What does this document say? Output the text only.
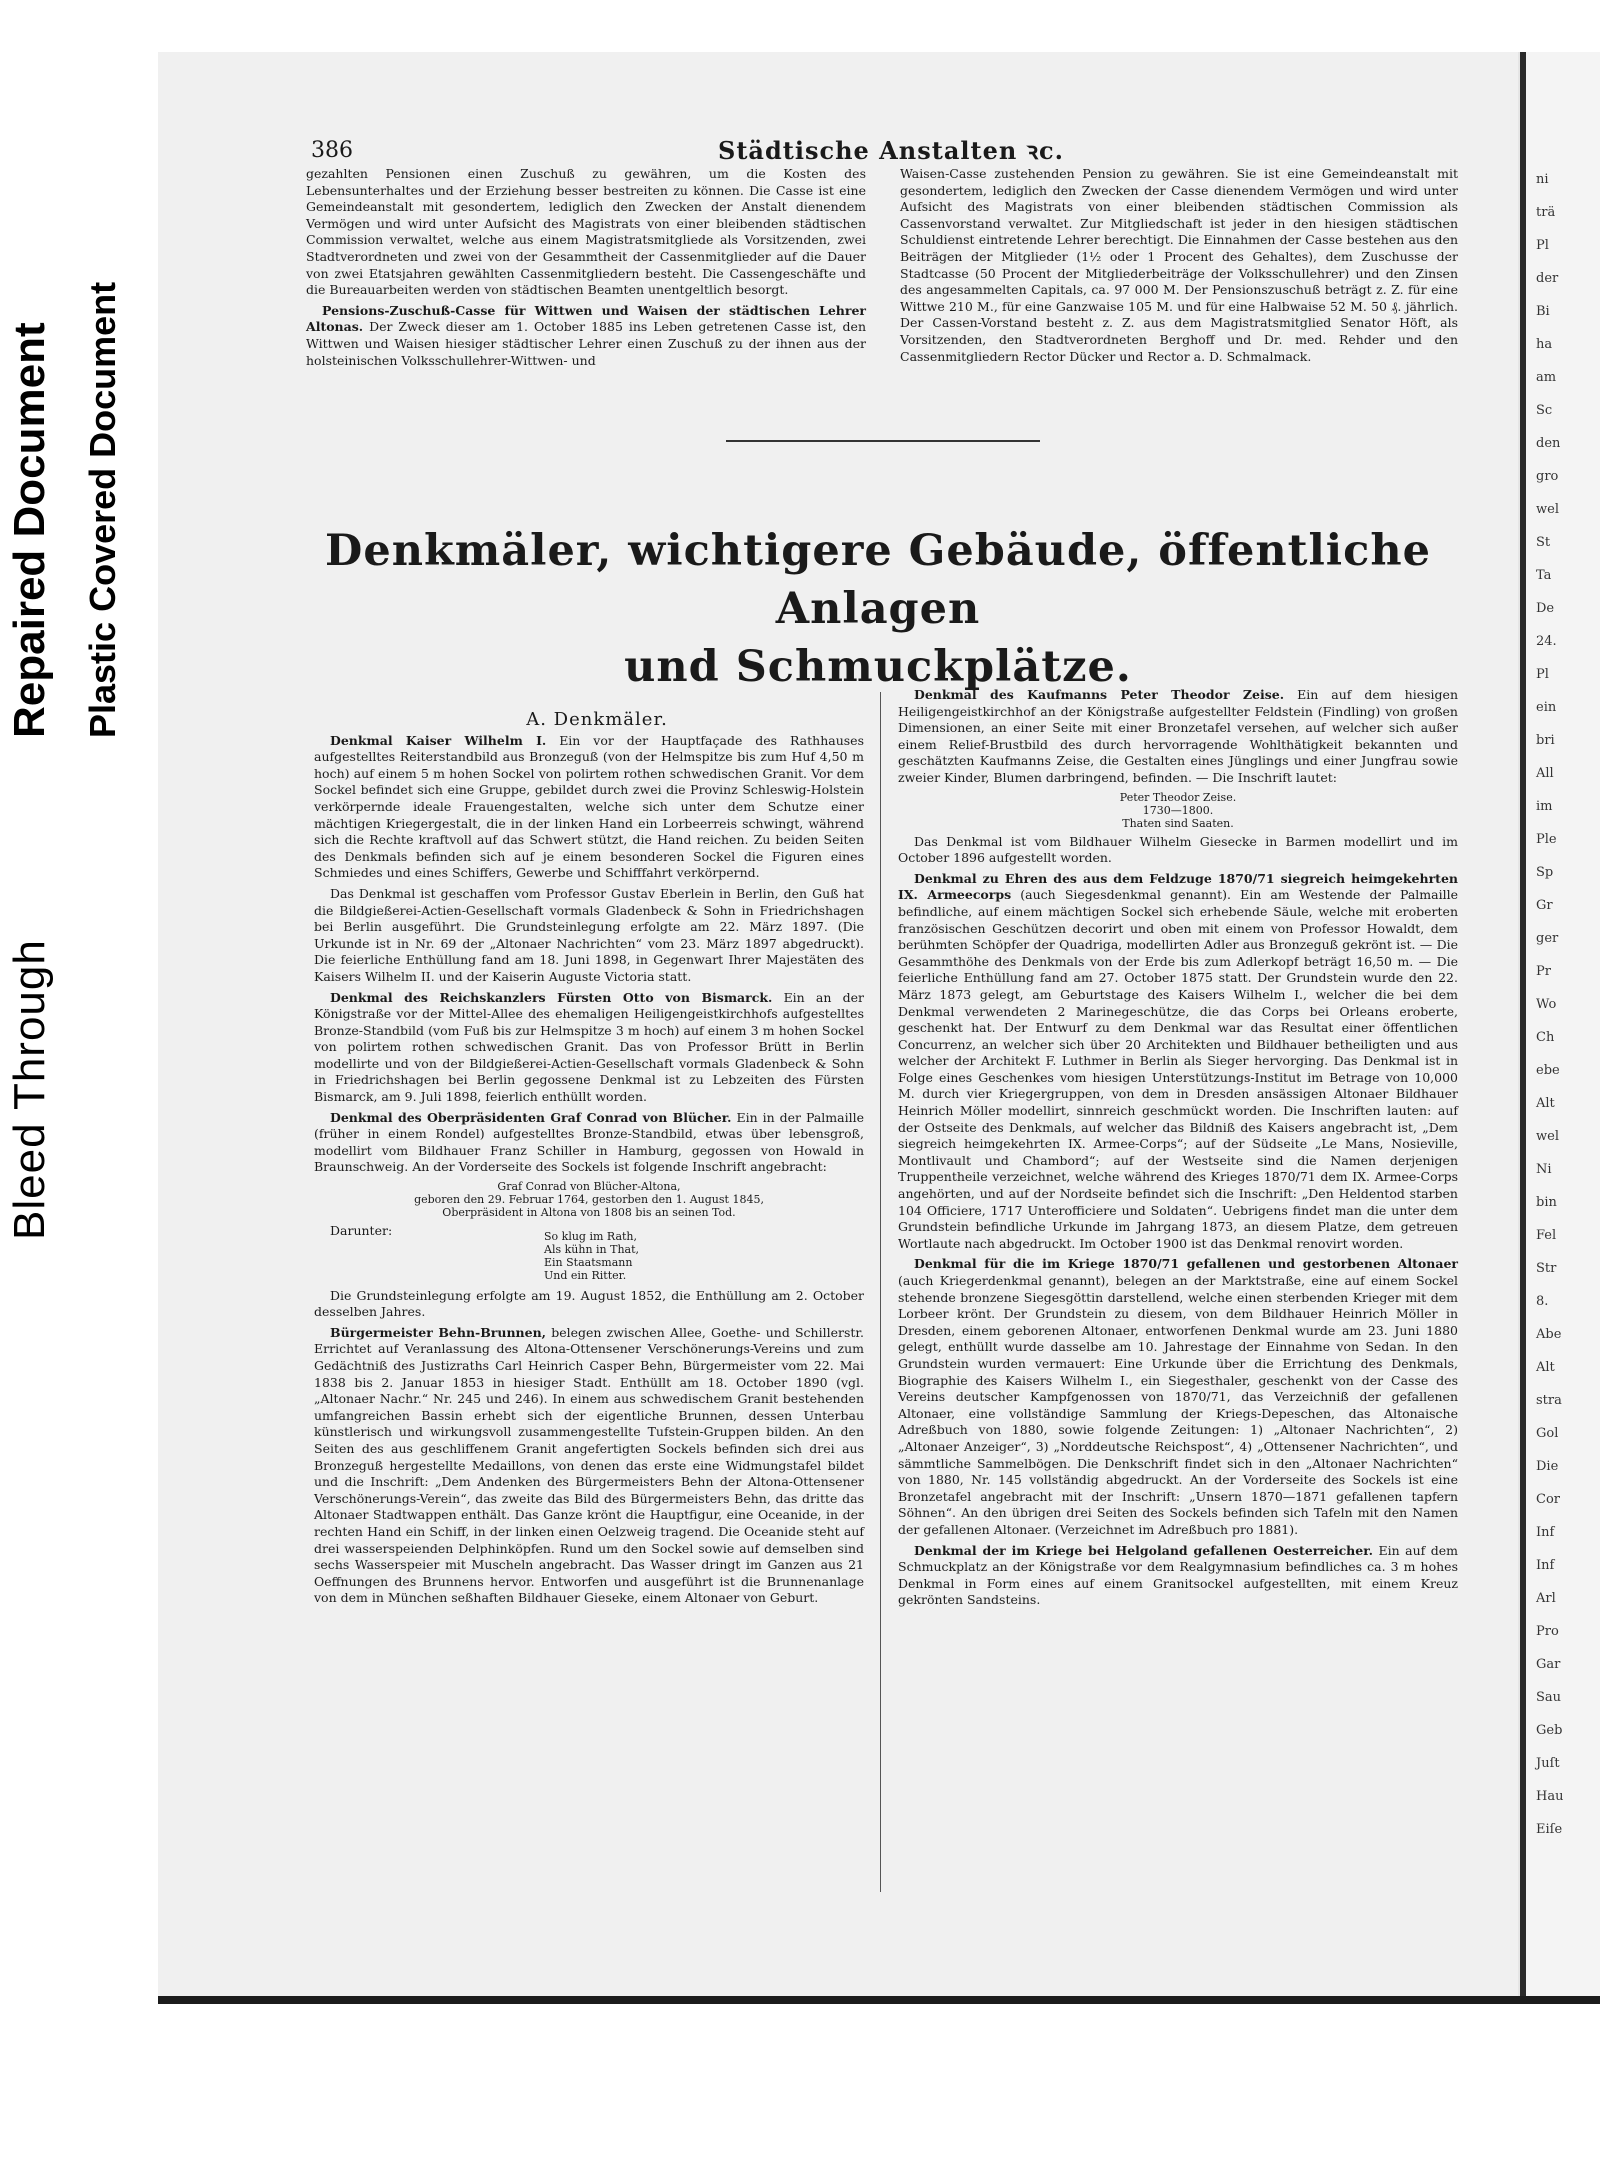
Bleed Through
Repaired Document Plastic Covered Document
386	Städtische Anstalten ꝛc.

gezahlten Pensionen einen Zuschuß zu gewähren, um die Kosten des Lebensunterhaltes und der Erziehung besser bestreiten zu können. Die Casse ist eine Gemeindeanstalt mit gesondertem, lediglich den Zwecken der Anstalt dienendem Vermögen und wird unter Aufsicht des Magistrats von einer bleibenden städtischen Commission verwaltet, welche aus einem Magistratsmitgliede als Vorsitzenden, zwei Stadtverordneten und zwei von der Gesammtheit der Cassenmitglieder auf die Dauer von zwei Etatsjahren gewählten Cassenmitgliedern besteht. Die Cassengeschäfte und die Bureauarbeiten werden von städtischen Beamten unentgeltlich besorgt.

Pensions-Zuschuß-Casse für Wittwen und Waisen der städtischen Lehrer Altonas. Der Zweck dieser am 1. October 1885 ins Leben getretenen Casse ist, den Wittwen und Waisen hiesiger städtischer Lehrer einen Zuschuß zu der ihnen aus der holsteinischen Volksschullehrer-Wittwen- und

Waisen-Casse zustehenden Pension zu gewähren. Sie ist eine Gemeindeanstalt mit gesondertem, lediglich den Zwecken der Casse dienendem Vermögen und wird unter Aufsicht des Magistrats von einer bleibenden städtischen Commission als Cassenvorstand verwaltet. Zur Mitgliedschaft ist jeder in den hiesigen städtischen Schuldienst eintretende Lehrer berechtigt. Die Einnahmen der Casse bestehen aus den Beiträgen der Mitglieder (1½ oder 1 Procent des Gehaltes), dem Zuschusse der Stadtcasse (50 Procent der Mitgliederbeiträge der Volksschullehrer) und den Zinsen des angesammelten Capitals, ca. 97 000 M. Der Pensionszuschuß beträgt z. Z. für eine Wittwe 210 M., für eine Ganzwaise 105 M. und für eine Halbwaise 52 M. 50 ₰. jährlich. Der Cassen-Vorstand besteht z. Z. aus dem Magistratsmitglied Senator Höft, als Vorsitzenden, den Stadtverordneten Berghoff und Dr. med. Rehder und den Cassenmitgliedern Rector Dücker und Rector a. D. Schmalmack.

Denkmäler, wichtigere Gebäude, öffentliche Anlagen
und Schmuckplätze.

A. Denkmäler.

Denkmal Kaiser Wilhelm I. Ein vor der Hauptfaçade des Rathhauses aufgestelltes Reiterstandbild aus Bronzeguß (von der Helmspitze bis zum Huf 4,50 m hoch) auf einem 5 m hohen Sockel von polirtem rothen schwedischen Granit. Vor dem Sockel befindet sich eine Gruppe, gebildet durch zwei die Provinz Schleswig-Holstein verkörpernde ideale Frauengestalten, welche sich unter dem Schutze einer mächtigen Kriegergestalt, die in der linken Hand ein Lorbeerreis schwingt, während sich die Rechte kraftvoll auf das Schwert stützt, die Hand reichen. Zu beiden Seiten des Denkmals befinden sich auf je einem besonderen Sockel die Figuren eines Schmiedes und eines Schiffers, Gewerbe und Schifffahrt verkörpernd.

Das Denkmal ist geschaffen vom Professor Gustav Eberlein in Berlin, den Guß hat die Bildgießerei-Actien-Gesellschaft vormals Gladenbeck & Sohn in Friedrichshagen bei Berlin ausgeführt. Die Grundsteinlegung erfolgte am 22. März 1897. (Die Urkunde ist in Nr. 69 der „Altonaer Nachrichten“ vom 23. März 1897 abgedruckt). Die feierliche Enthüllung fand am 18. Juni 1898, in Gegenwart Ihrer Majestäten des Kaisers Wilhelm II. und der Kaiserin Auguste Victoria statt.

Denkmal des Reichskanzlers Fürsten Otto von Bismarck. Ein an der Königstraße vor der Mittel-Allee des ehemaligen Heiligengeistkirchhofs aufgestelltes Bronze-Standbild (vom Fuß bis zur Helmspitze 3 m hoch) auf einem 3 m hohen Sockel von polirtem rothen schwedischen Granit. Das von Professor Brütt in Berlin modellirte und von der Bildgießerei-Actien-Gesellschaft vormals Gladenbeck & Sohn in Friedrichshagen bei Berlin gegossene Denkmal ist zu Lebzeiten des Fürsten Bismarck, am 9. Juli 1898, feierlich enthüllt worden.

Denkmal des Oberpräsidenten Graf Conrad von Blücher. Ein in der Palmaille (früher in einem Rondel) aufgestelltes Bronze-Standbild, etwas über lebensgroß, modellirt vom Bildhauer Franz Schiller in Hamburg, gegossen von Howald in Braunschweig. An der Vorderseite des Sockels ist folgende Inschrift angebracht:

Graf Conrad von Blücher-Altona,
geboren den 29. Februar 1764, gestorben den 1. August 1845,
Oberpräsident in Altona von 1808 bis an seinen Tod.

Darunter:	So klug im Rath,
Als kühn in That,
Ein Staatsmann
Und ein Ritter.

Die Grundsteinlegung erfolgte am 19. August 1852, die Enthüllung am 2. October desselben Jahres.

Bürgermeister Behn-Brunnen, belegen zwischen Allee, Goethe- und Schillerstr. Errichtet auf Veranlassung des Altona-Ottensener Verschönerungs-Vereins und zum Gedächtniß des Justizraths Carl Heinrich Casper Behn, Bürgermeister vom 22. Mai 1838 bis 2. Januar 1853 in hiesiger Stadt. Enthüllt am 18. October 1890 (vgl. „Altonaer Nachr.“ Nr. 245 und 246). In einem aus schwedischem Granit bestehenden umfangreichen Bassin erhebt sich der eigentliche Brunnen, dessen Unterbau künstlerisch und wirkungsvoll zusammengestellte Tufstein-Gruppen bilden. An den Seiten des aus geschliffenem Granit angefertigten Sockels befinden sich drei aus Bronzeguß hergestellte Medaillons, von denen das erste eine Widmungstafel bildet und die Inschrift: „Dem Andenken des Bürgermeisters Behn der Altona-Ottensener Verschönerungs-Verein“, das zweite das Bild des Bürgermeisters Behn, das dritte das Altonaer Stadtwappen enthält. Das Ganze krönt die Hauptfigur, eine Oceanide, in der rechten Hand ein Schiff, in der linken einen Oelzweig tragend. Die Oceanide steht auf drei wasserspeienden Delphinköpfen. Rund um den Sockel sowie auf demselben sind sechs Wasserspeier mit Muscheln angebracht. Das Wasser dringt im Ganzen aus 21 Oeffnungen des Brunnens hervor. Entworfen und ausgeführt ist die Brunnenanlage von dem in München seßhaften Bildhauer Gieseke, einem Altonaer von Geburt.

Denkmal des Kaufmanns Peter Theodor Zeise. Ein auf dem hiesigen Heiligengeistkirchhof an der Königstraße aufgestellter Feldstein (Findling) von großen Dimensionen, an einer Seite mit einer Bronzetafel versehen, auf welcher sich außer einem Relief-Brustbild des durch hervorragende Wohlthätigkeit bekannten und geschätzten Kaufmanns Zeise, die Gestalten eines Jünglings und einer Jungfrau sowie zweier Kinder, Blumen darbringend, befinden. — Die Inschrift lautet:

Peter Theodor Zeise.
1730—1800.
Thaten sind Saaten.

Das Denkmal ist vom Bildhauer Wilhelm Giesecke in Barmen modellirt und im October 1896 aufgestellt worden.

Denkmal zu Ehren des aus dem Feldzuge 1870/71 siegreich heimgekehrten IX. Armeecorps (auch Siegesdenkmal genannt). Ein am Westende der Palmaille befindliche, auf einem mächtigen Sockel sich erhebende Säule, welche mit eroberten französischen Geschützen decorirt und oben mit einem von Professor Howaldt, dem berühmten Schöpfer der Quadriga, modellirten Adler aus Bronzeguß gekrönt ist. — Die Gesammthöhe des Denkmals von der Erde bis zum Adlerkopf beträgt 16,50 m. — Die feierliche Enthüllung fand am 27. October 1875 statt. Der Grundstein wurde den 22. März 1873 gelegt, am Geburtstage des Kaisers Wilhelm I., welcher die bei dem Denkmal verwendeten 2 Marinegeschütze, die das Corps bei Orleans eroberte, geschenkt hat. Der Entwurf zu dem Denkmal war das Resultat einer öffentlichen Concurrenz, an welcher sich über 20 Architekten und Bildhauer betheiligten und aus welcher der Architekt F. Luthmer in Berlin als Sieger hervorging. Das Denkmal ist in Folge eines Geschenkes vom hiesigen Unterstützungs-Institut im Betrage von 10,000 M. durch vier Kriegergruppen, von dem in Dresden ansässigen Altonaer Bildhauer Heinrich Möller modellirt, sinnreich geschmückt worden. Die Inschriften lauten: auf der Ostseite des Denkmals, auf welcher das Bildniß des Kaisers angebracht ist, „Dem siegreich heimgekehrten IX. Armee-Corps“; auf der Südseite „Le Mans, Nosieville, Montlivault und Chambord“; auf der Westseite sind die Namen derjenigen Truppentheile verzeichnet, welche während des Krieges 1870/71 dem IX. Armee-Corps angehörten, und auf der Nordseite befindet sich die Inschrift: „Den Heldentod starben 104 Officiere, 1717 Unterofficiere und Soldaten“. Uebrigens findet man die unter dem Grundstein befindliche Urkunde im Jahrgang 1873, an diesem Platze, dem getreuen Wortlaute nach abgedruckt. Im October 1900 ist das Denkmal renovirt worden.

Denkmal für die im Kriege 1870/71 gefallenen und gestorbenen Altonaer (auch Kriegerdenkmal genannt), belegen an der Marktstraße, eine auf einem Sockel stehende bronzene Siegesgöttin darstellend, welche einen sterbenden Krieger mit dem Lorbeer krönt. Der Grundstein zu diesem, von dem Bildhauer Heinrich Möller in Dresden, einem geborenen Altonaer, entworfenen Denkmal wurde am 23. Juni 1880 gelegt, enthüllt wurde dasselbe am 10. Jahrestage der Einnahme von Sedan. In den Grundstein wurden vermauert: Eine Urkunde über die Errichtung des Denkmals, Biographie des Kaisers Wilhelm I., ein Siegesthaler, geschenkt von der Casse des Vereins deutscher Kampfgenossen von 1870/71, das Verzeichniß der gefallenen Altonaer, eine vollständige Sammlung der Kriegs-Depeschen, das Altonaische Adreßbuch von 1880, sowie folgende Zeitungen: 1) „Altonaer Nachrichten“, 2) „Altonaer Anzeiger“, 3) „Norddeutsche Reichspost“, 4) „Ottensener Nachrichten“, und sämmtliche Sammelbögen. Die Denkschrift findet sich in den „Altonaer Nachrichten“ von 1880, Nr. 145 vollständig abgedruckt. An der Vorderseite des Sockels ist eine Bronzetafel angebracht mit der Inschrift: „Unsern 1870—1871 gefallenen tapfern Söhnen“. An den übrigen drei Seiten des Sockels befinden sich Tafeln mit den Namen der gefallenen Altonaer. (Verzeichnet im Adreßbuch pro 1881).

Denkmal der im Kriege bei Helgoland gefallenen Oesterreicher. Ein auf dem Schmuckplatz an der Königstraße vor dem Realgymnasium befindliches ca. 3 m hohes Denkmal in Form eines auf einem Granitsockel aufgestellten, mit einem Kreuz gekrönten Sandsteins.

ni
trä
Pl
der
Bi
ha
am
Sc
den
gro
wel
St
Ta
De
24.
Pl
ein
bri
All
im
Ple
Sp
Gr
ger
Pr
Wo
Ch
ebe
Alt
wel
Ni
bin
Fel
Str
8.
Abe
Alt
stra
Gol
Die
Cor
Inf
Inf
Arl
Pro
Gar
Sau
Geb
Juſt
Hau
Eiſe
